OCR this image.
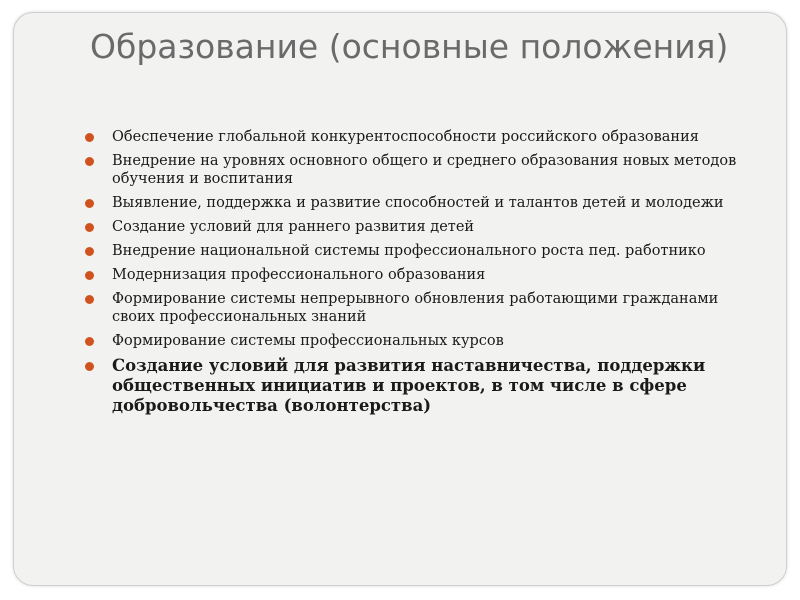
Образование (основные положения)
Обеспечение глобальной конкурентоспособности российского образования
Внедрение на уровнях основного общего и среднего образования новых методов обучения и воспитания
Выявление, поддержка и развитие способностей и талантов детей и молодежи
Создание условий для раннего развития детей
Внедрение национальной системы профессионального роста пед. работнико
Модернизация профессионального образования
Формирование системы непрерывного обновления работающими гражданами своих профессиональных знаний
Формирование системы профессиональных курсов
Создание условий для развития наставничества, поддержки общественных инициатив и проектов, в том числе в сфере добровольчества (волонтерства)
